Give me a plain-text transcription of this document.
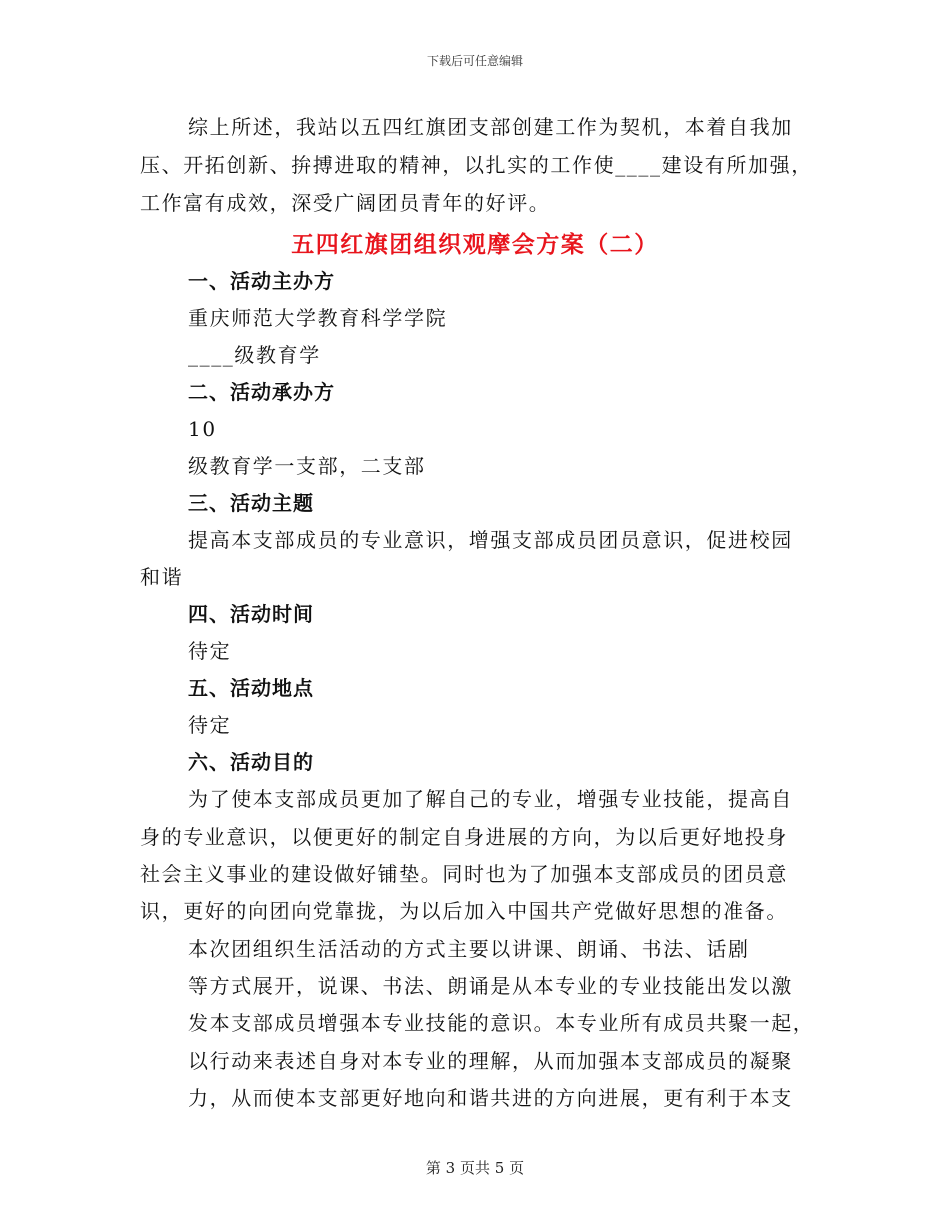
下载后可任意编辑
综上所述，我站以五四红旗团支部创建工作为契机，本着自我加
压、开拓创新、拚搏进取的精神，以扎实的工作使____建设有所加强，
工作富有成效，深受广阔团员青年的好评。
五四红旗团组织观摩会方案（二）
一、活动主办方
重庆师范大学教育科学学院
____级教育学
二、活动承办方
10
级教育学一支部，二支部
三、活动主题
提高本支部成员的专业意识，增强支部成员团员意识，促进校园
和谐
四、活动时间
待定
五、活动地点
待定
六、活动目的
为了使本支部成员更加了解自己的专业，增强专业技能，提高自
身的专业意识，以便更好的制定自身进展的方向，为以后更好地投身
社会主义事业的建设做好铺垫。同时也为了加强本支部成员的团员意
识，更好的向团向党靠拢，为以后加入中国共产党做好思想的准备。
本次团组织生活活动的方式主要以讲课、朗诵、书法、话剧
等方式展开，说课、书法、朗诵是从本专业的专业技能出发以激
发本支部成员增强本专业技能的意识。本专业所有成员共聚一起，
以行动来表述自身对本专业的理解，从而加强本支部成员的凝聚
力，从而使本支部更好地向和谐共进的方向进展，更有利于本支
第 3 页共 5 页
